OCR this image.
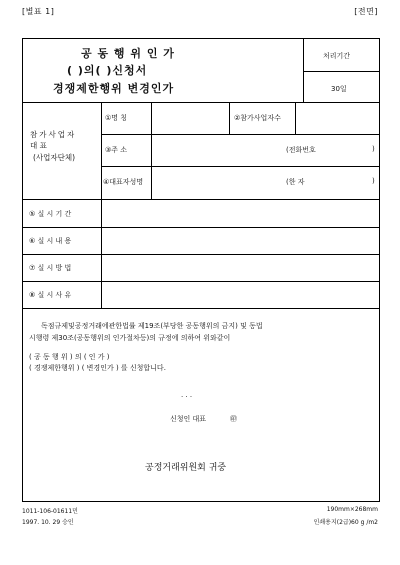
[별표 1]	[전면]
공 동 행 위 인 가
( )의( )신청서
경쟁제한행위 변경인가
처리기간
30일
참가사업자
대 표
(사업자단체)
①명 칭	②참가사업자수
③주 소	(전화번호	)
④대표자성명	(한 자	)
⑤ 실 시 기 간
⑥ 실 시 내 용
⑦ 실 시 방 법
⑧ 실 시 사 유
독점규제및공정거래에관한법률 제19조(부당한 공동행위의 금지) 및 동법
시행령 제30조(공동행위의 인가절차등)의 규정에 의하여 위와같이
( 공 동 행 위 ) 의 ( 인 가 )
( 경쟁제한행위 ) ( 변경인가 ) 를 신청합니다.
. . .
신청인 대표	㊞
공정거래위원회 귀중
1011-106-01611민
1997. 10. 29 승인
190mm×268mm
인쇄용지(2급)60 g /m2
